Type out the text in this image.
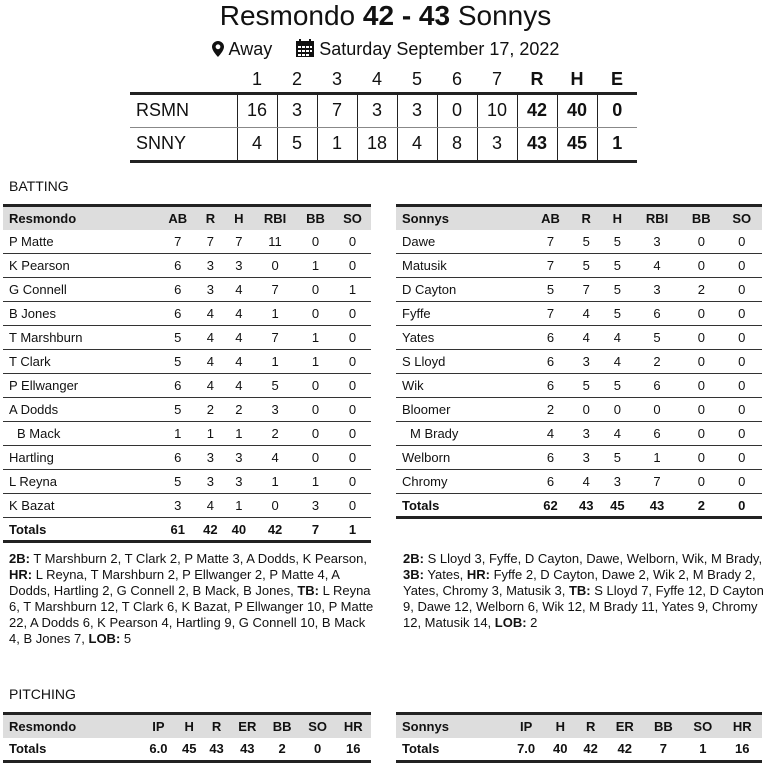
Resmondo 42 - 43 Sonnys
Away	Saturday September 17, 2022
	1	2	3	4	5	6	7	R	H	E
RSMN	16	3	7	3	3	0	10	42	40	0
SNNY	4	5	1	18	4	8	3	43	45	1
BATTING
Resmondo	AB	R	H	RBI	BB	SO
P Matte	7	7	7	11	0	0
K Pearson	6	3	3	0	1	0
G Connell	6	3	4	7	0	1
B Jones	6	4	4	1	0	0
T Marshburn	5	4	4	7	1	0
T Clark	5	4	4	1	1	0
P Ellwanger	6	4	4	5	0	0
A Dodds	5	2	2	3	0	0
B Mack	1	1	1	2	0	0
Hartling	6	3	3	4	0	0
L Reyna	5	3	3	1	1	0
K Bazat	3	4	1	0	3	0
Totals	61	42	40	42	7	1
Sonnys	AB	R	H	RBI	BB	SO
Dawe	7	5	5	3	0	0
Matusik	7	5	5	4	0	0
D Cayton	5	7	5	3	2	0
Fyffe	7	4	5	6	0	0
Yates	6	4	4	5	0	0
S Lloyd	6	3	4	2	0	0
Wik	6	5	5	6	0	0
Bloomer	2	0	0	0	0	0
M Brady	4	3	4	6	0	0
Welborn	6	3	5	1	0	0
Chromy	6	4	3	7	0	0
Totals	62	43	45	43	2	0
2B: T Marshburn 2, T Clark 2, P Matte 3, A Dodds, K Pearson, HR: L Reyna, T Marshburn 2, P Ellwanger 2, P Matte 4, A Dodds, Hartling 2, G Connell 2, B Mack, B Jones, TB: L Reyna 6, T Marshburn 12, T Clark 6, K Bazat, P Ellwanger 10, P Matte 22, A Dodds 6, K Pearson 4, Hartling 9, G Connell 10, B Mack 4, B Jones 7, LOB: 5
2B: S Lloyd 3, Fyffe, D Cayton, Dawe, Welborn, Wik, M Brady, 3B: Yates, HR: Fyffe 2, D Cayton, Dawe 2, Wik 2, M Brady 2, Yates, Chromy 3, Matusik 3, TB: S Lloyd 7, Fyffe 12, D Cayton 9, Dawe 12, Welborn 6, Wik 12, M Brady 11, Yates 9, Chromy 12, Matusik 14, LOB: 2
PITCHING
Resmondo	IP	H	R	ER	BB	SO	HR
Totals	6.0	45	43	43	2	0	16
Sonnys	IP	H	R	ER	BB	SO	HR
Totals	7.0	40	42	42	7	1	16
